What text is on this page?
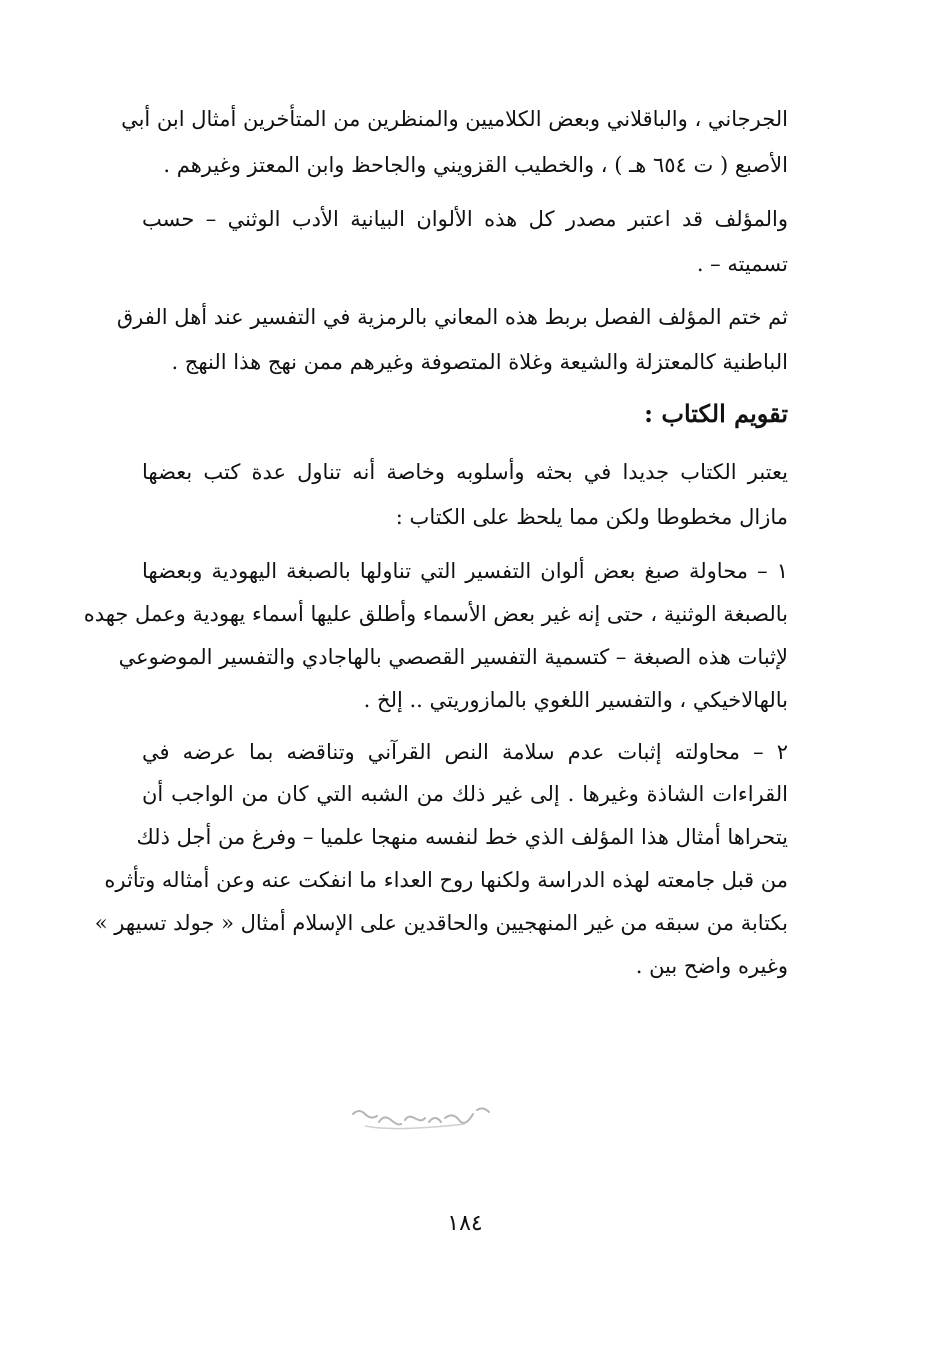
الجرجاني ، والباقلاني وبعض الكلاميين والمنظرين من المتأخرين أمثال ابن أبي
الأصبع ( ت ٦٥٤ هـ ) ، والخطيب القزويني والجاحظ وابن المعتز وغيرهم .
والمؤلف قد اعتبر مصدر كل هذه الألوان البيانية الأدب الوثني – حسب
تسميته – .
ثم ختم المؤلف الفصل بربط هذه المعاني بالرمزية في التفسير عند أهل الفرق
الباطنية كالمعتزلة والشيعة وغلاة المتصوفة وغيرهم ممن نهج هذا النهج .
تقويم الكتاب :
يعتبر الكتاب جديدا في بحثه وأسلوبه وخاصة أنه تناول عدة كتب بعضها
مازال مخطوطا ولكن مما يلحظ على الكتاب :
١ – محاولة صبغ بعض ألوان التفسير التي تناولها بالصبغة اليهودية وبعضها
بالصبغة الوثنية ، حتى إنه غير بعض الأسماء وأطلق عليها أسماء يهودية وعمل جهده
لإثبات هذه الصبغة – كتسمية التفسير القصصي بالهاجادي والتفسير الموضوعي
بالهالاخيكي ، والتفسير اللغوي بالمازوريتي .. إلخ .
٢ – محاولته إثبات عدم سلامة النص القرآني وتناقضه بما عرضه في
القراءات الشاذة وغيرها . إلى غير ذلك من الشبه التي كان من الواجب أن
يتحراها أمثال هذا المؤلف الذي خط لنفسه منهجا علميا – وفرغ من أجل ذلك
من قبل جامعته لهذه الدراسة ولكنها روح العداء ما انفكت عنه وعن أمثاله وتأثره
بكتابة من سبقه من غير المنهجيين والحاقدين على الإسلام أمثال « جولد تسيهر »
وغيره واضح بين .
١٨٤
